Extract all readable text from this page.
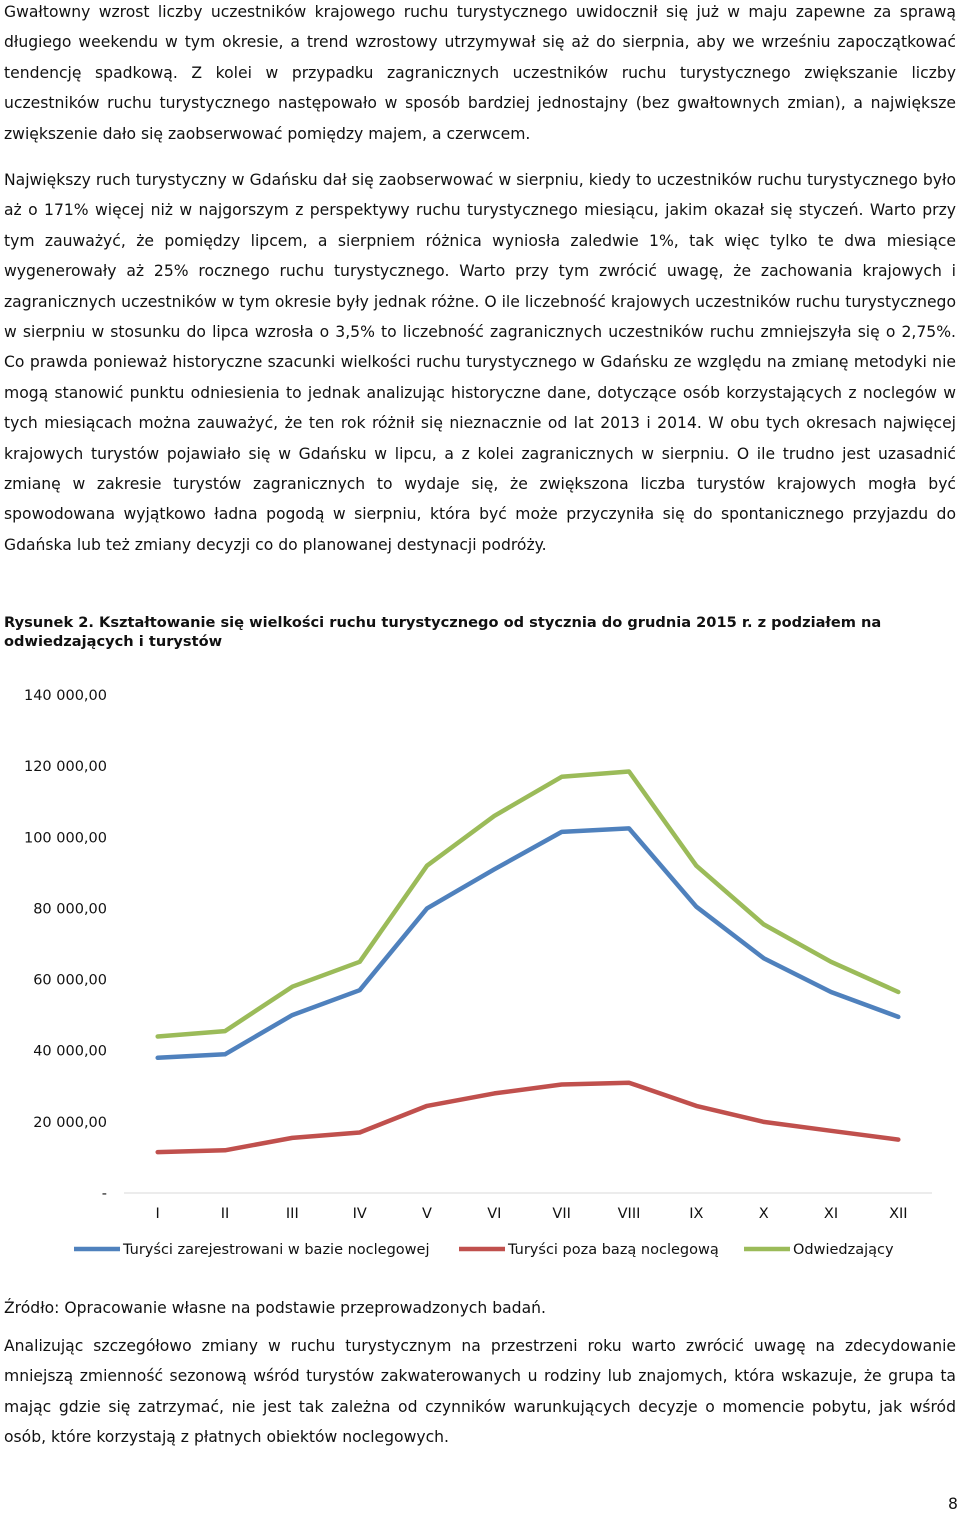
Gwałtowny wzrost liczby uczestników krajowego ruchu turystycznego uwidocznił się już w maju zapewne za sprawą długiego weekendu w tym okresie, a trend wzrostowy utrzymywał się aż do sierpnia, aby we wrześniu zapoczątkować tendencję spadkową. Z kolei w przypadku zagranicznych uczestników ruchu turystycznego zwiększanie liczby uczestników ruchu turystycznego następowało w sposób bardziej jednostajny (bez gwałtownych zmian), a największe zwiększenie dało się zaobserwować pomiędzy majem, a czerwcem.

Największy ruch turystyczny w Gdańsku dał się zaobserwować w sierpniu, kiedy to uczestników ruchu turystycznego było aż o 171% więcej niż w najgorszym z perspektywy ruchu turystycznego miesiącu, jakim okazał się styczeń. Warto przy tym zauważyć, że pomiędzy lipcem, a sierpniem różnica wyniosła zaledwie 1%, tak więc tylko te dwa miesiące wygenerowały aż 25% rocznego ruchu turystycznego. Warto przy tym zwrócić uwagę, że zachowania krajowych i zagranicznych uczestników w tym okresie były jednak różne. O ile liczebność krajowych uczestników ruchu turystycznego w sierpniu w stosunku do lipca wzrosła o 3,5% to liczebność zagranicznych uczestników ruchu zmniejszyła się o 2,75%. Co prawda ponieważ historyczne szacunki wielkości ruchu turystycznego w Gdańsku ze względu na zmianę metodyki nie mogą stanowić punktu odniesienia to jednak analizując historyczne dane, dotyczące osób korzystających z noclegów w tych miesiącach można zauważyć, że ten rok różnił się nieznacznie od lat 2013 i 2014. W obu tych okresach najwięcej krajowych turystów pojawiało się w Gdańsku w lipcu, a z kolei zagranicznych w sierpniu. O ile trudno jest uzasadnić zmianę w zakresie turystów zagranicznych to wydaje się, że zwiększona liczba turystów krajowych mogła być spowodowana wyjątkowo ładna pogodą w sierpniu, która być może przyczyniła się do spontanicznego przyjazdu do Gdańska lub też zmiany decyzji co do planowanej destynacji podróży.

Rysunek 2. Kształtowanie się wielkości ruchu turystycznego od stycznia do grudnia 2015 r. z podziałem na odwiedzających i turystów

-
20 000,00
40 000,00
60 000,00
80 000,00
100 000,00
120 000,00
140 000,00
I	II	III	IV	V	VI	VII	VIII	IX	X	XI	XII
Turyści zarejestrowani w bazie noclegowej	Turyści poza bazą noclegową	Odwiedzający

Źródło: Opracowanie własne na podstawie przeprowadzonych badań.

Analizując szczegółowo zmiany w ruchu turystycznym na przestrzeni roku warto zwrócić uwagę na zdecydowanie mniejszą zmienność sezonową wśród turystów zakwaterowanych u rodziny lub znajomych, która wskazuje, że grupa ta mając gdzie się zatrzymać, nie jest tak zależna od czynników warunkujących decyzje o momencie pobytu, jak wśród osób, które korzystają z płatnych obiektów noclegowych.

8
